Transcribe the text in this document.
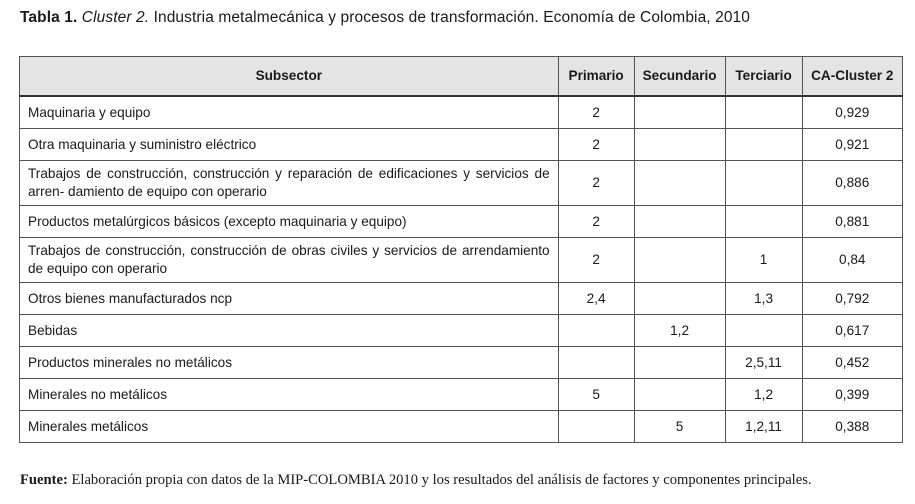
Tabla 1. Cluster 2. Industria metalmecánica y procesos de transformación. Economía de Colombia, 2010
Subsector	Primario	Secundario	Terciario	CA-Cluster 2
Maquinaria y equipo	2			0,929
Otra maquinaria y suministro eléctrico	2			0,921
Trabajos de construcción, construcción y reparación de edificaciones y servicios de arren- damiento de equipo con operario	2			0,886
Productos metalúrgicos básicos (excepto maquinaria y equipo)	2			0,881
Trabajos de construcción, construcción de obras civiles y servicios de arrendamiento de equipo con operario	2		1	0,84
Otros bienes manufacturados ncp	2,4		1,3	0,792
Bebidas		1,2		0,617
Productos minerales no metálicos			2,5,11	0,452
Minerales no metálicos	5		1,2	0,399
Minerales metálicos		5	1,2,11	0,388
Fuente: Elaboración propia con datos de la MIP-COLOMBIA 2010 y los resultados del análisis de factores y componentes principales.
